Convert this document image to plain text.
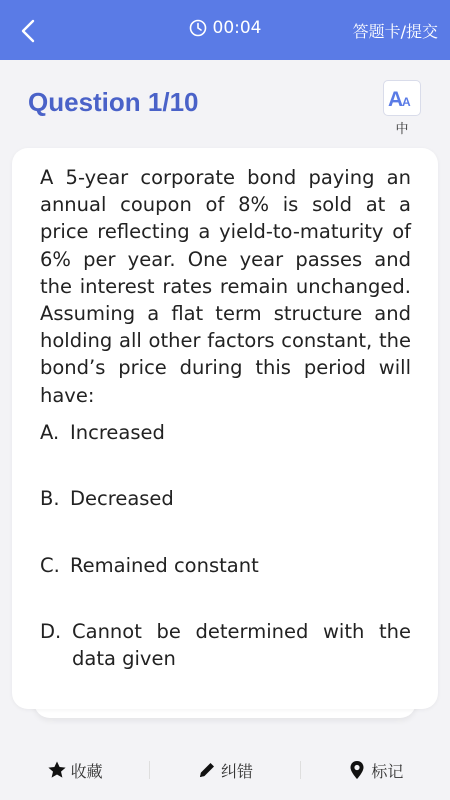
00:04	答题卡/提交
Question 1/10	A
A
中
A 5-year corporate bond paying an annual coupon of 8% is sold at a price reflecting a yield-to-maturity of 6% per year. One year passes and the interest rates remain unchanged. Assuming a flat term structure and holding all other factors constant, the bond’s price during this period will have:
A. Increased
B. Decreased
C. Remained constant
D. Cannot be determined with the data given
收藏	纠错	标记
